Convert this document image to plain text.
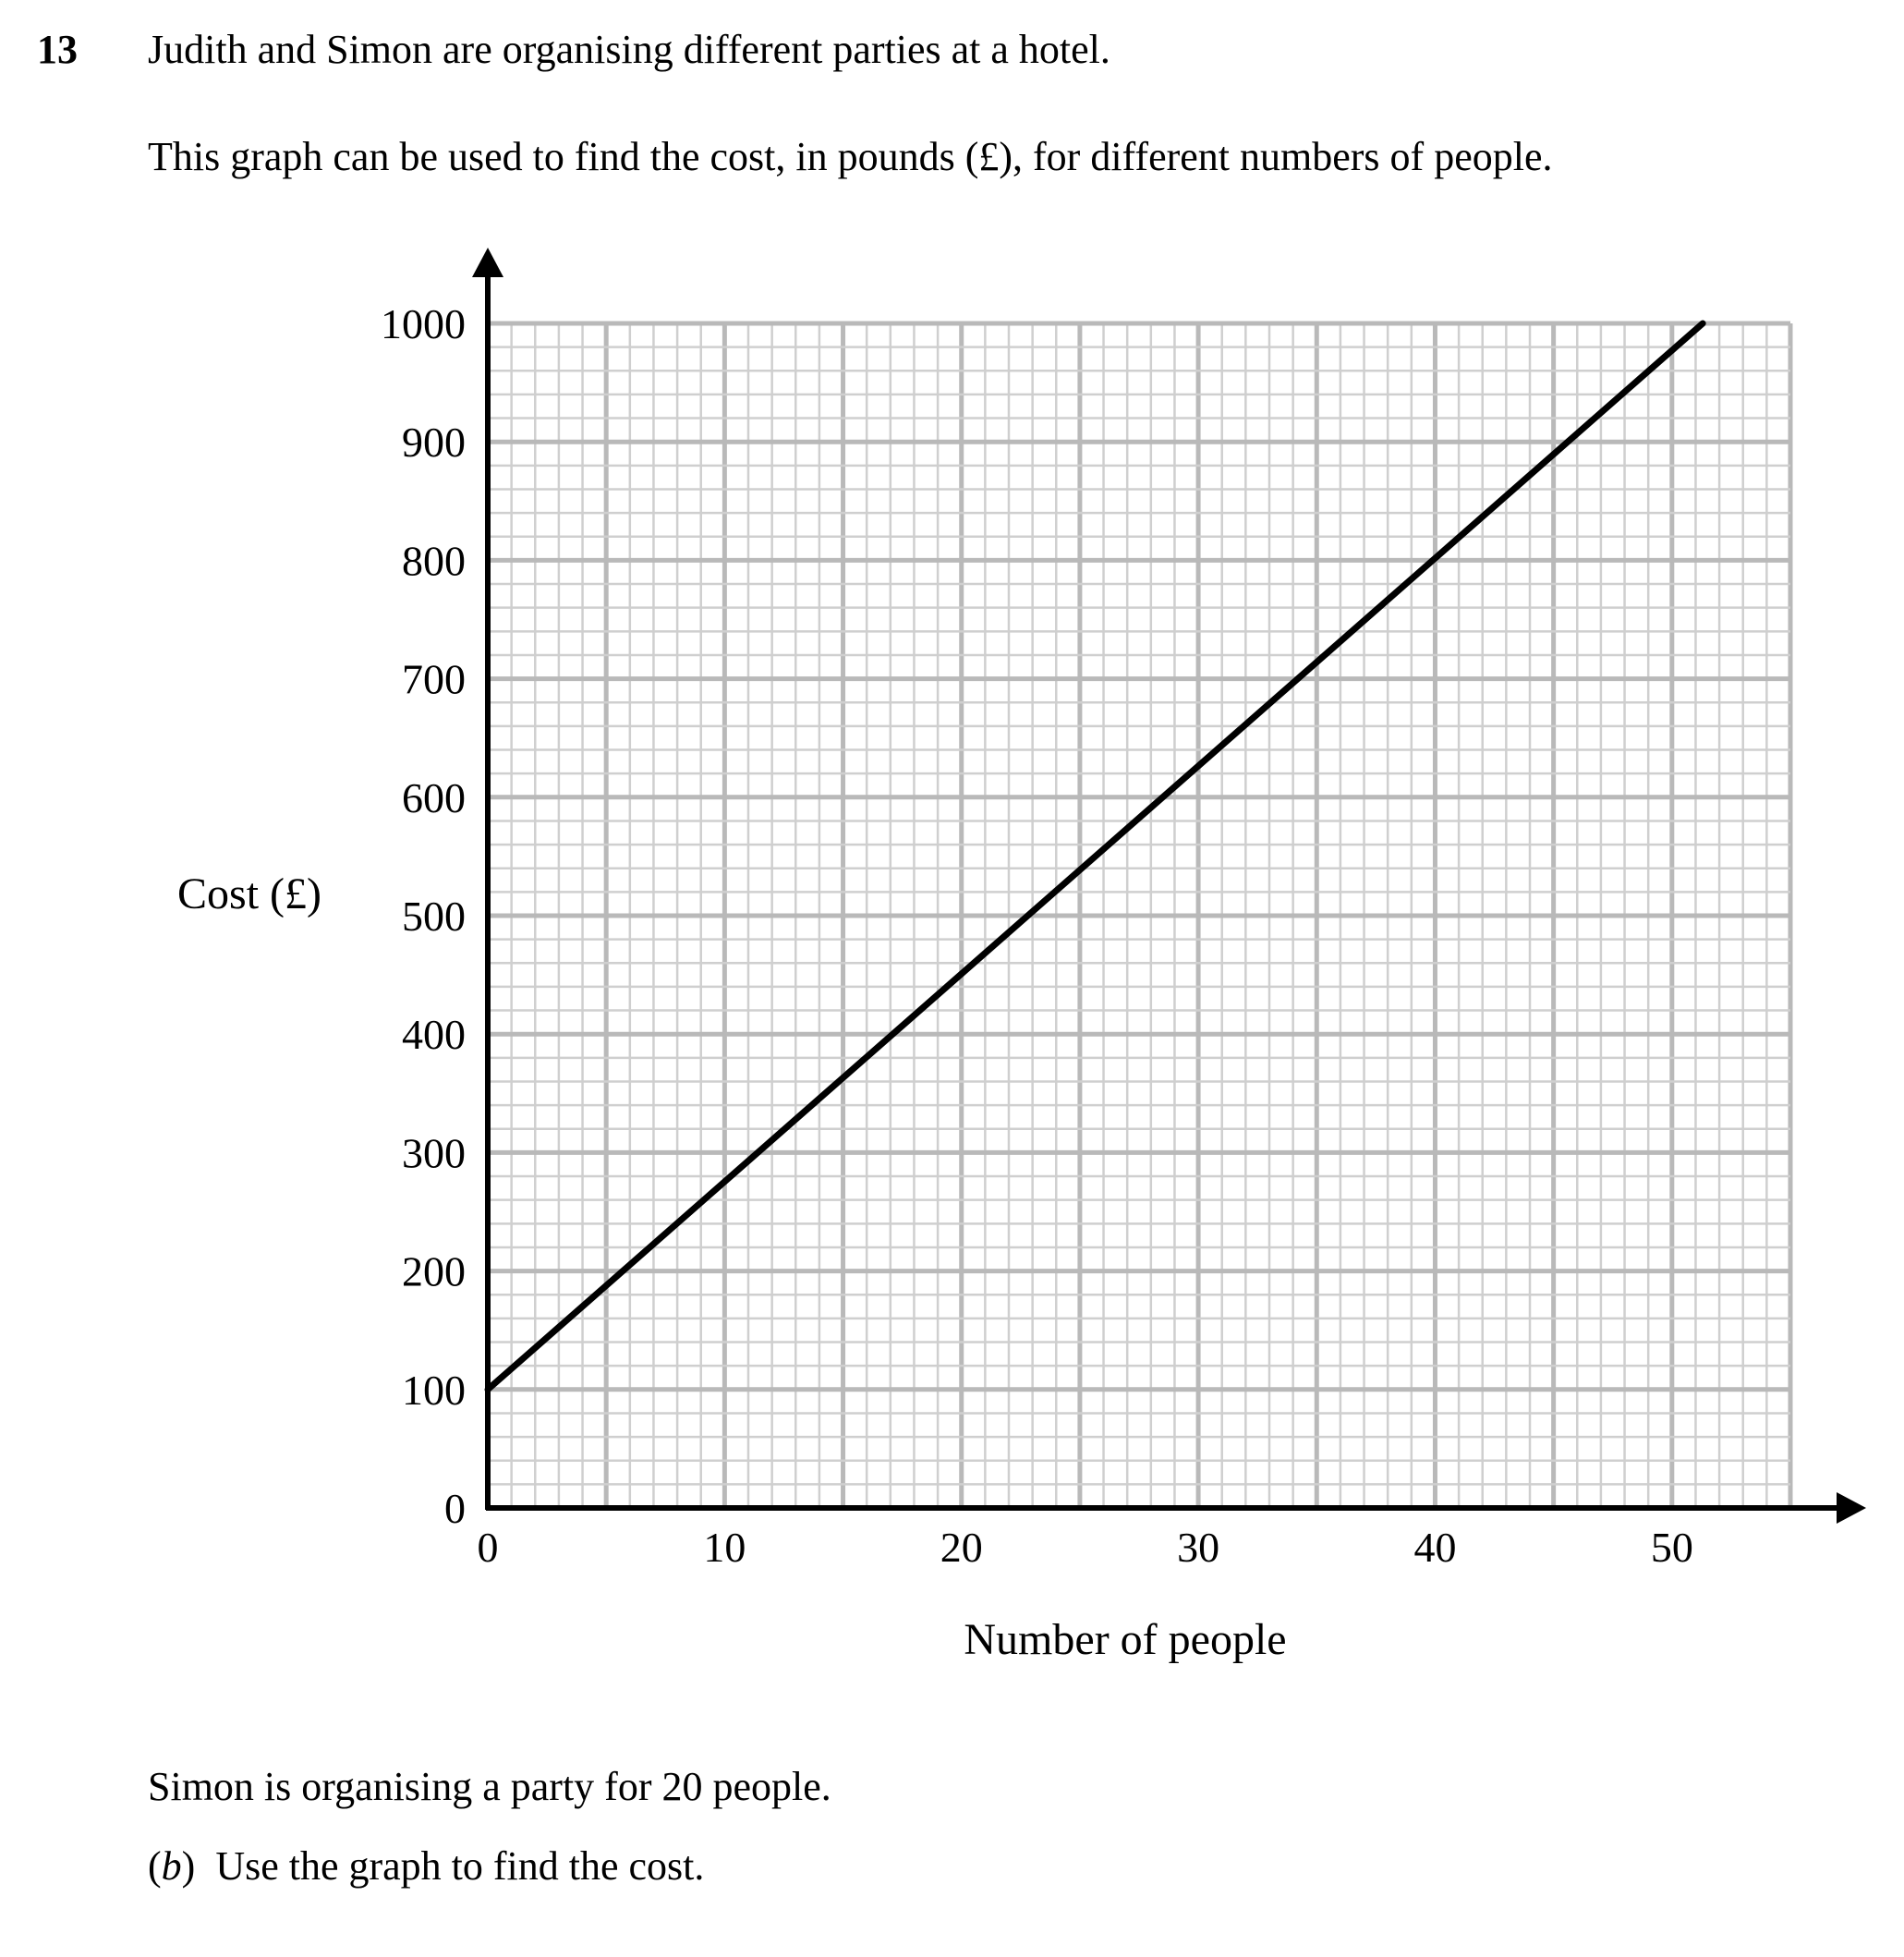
13 Judith and Simon are organising different parties at a hotel.
This graph can be used to find the cost, in pounds (£), for different numbers of people.
0
100
200
300
400
500
600
700
800
900
1000
0	10	20	30	40	50
Number of people
Cost (£)
Simon is organising a party for 20 people.
(b)  Use the graph to find the cost.
